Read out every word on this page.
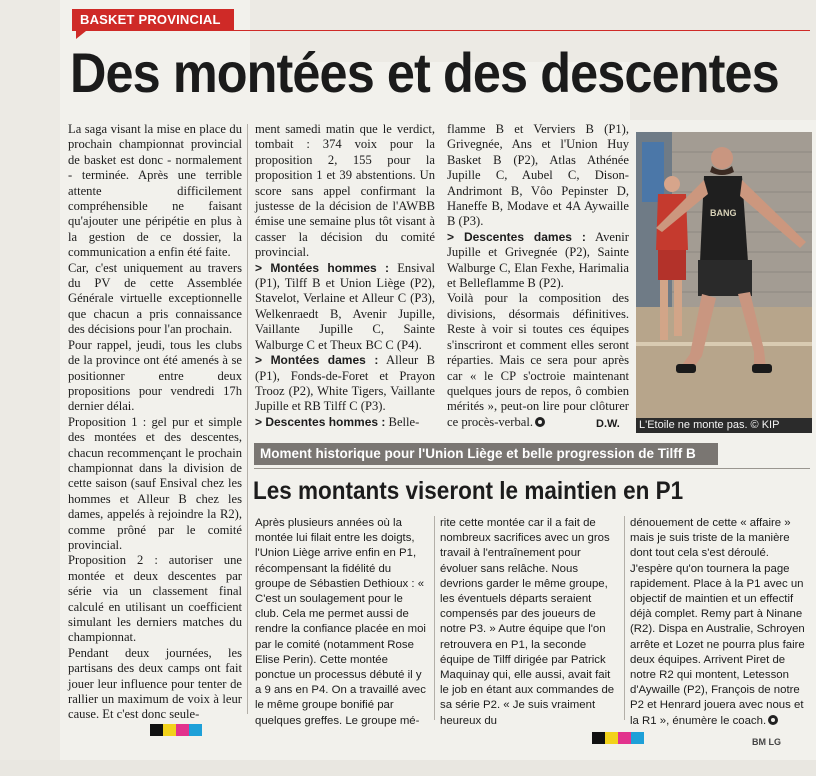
BASKET PROVINCIAL
Des montées et des descentes

La saga visant la mise en place du prochain championnat provincial de basket est donc - normalement - terminée. Après une terrible attente difficilement compréhensible ne faisant qu'ajouter une péripétie en plus à la gestion de ce dossier, la communication a enfin été faite.

Car, c'est uniquement au travers du PV de cette Assemblée Générale virtuelle exceptionnelle que chacun a pris connaissance des décisions pour l'an prochain.

Pour rappel, jeudi, tous les clubs de la province ont été amenés à se positionner entre deux propositions pour vendredi 17h dernier délai.

Proposition 1 : gel pur et simple des montées et des descentes, chacun recommençant le prochain championnat dans la division de cette saison (sauf Ensival chez les hommes et Alleur B chez les dames, appelés à rejoindre la R2), comme prôné par le comité provincial.

Proposition 2 : autoriser une montée et deux descentes par série via un classement final calculé en utilisant un coefficient simulant les derniers matches du championnat.

Pendant deux journées, les partisans des deux camps ont fait jouer leur influence pour tenter de rallier un maximum de voix à leur cause. Et c'est donc seule-

ment samedi matin que le verdict, tombait : 374 voix pour la proposition 2, 155 pour la proposition 1 et 39 abstentions. Un score sans appel confirmant la justesse de la décision de l'AWBB émise une semaine plus tôt visant à casser la décision du comité provincial.

> Montées hommes : Ensival (P1), Tilff B et Union Liège (P2), Stavelot, Verlaine et Alleur C (P3), Welkenraedt B, Avenir Jupille, Vaillante Jupille C, Sainte Walburge C et Theux BC C (P4).

> Montées dames : Alleur B (P1), Fonds-de-Foret et Prayon Trooz (P2), White Tigers, Vaillante Jupille et RB Tilff C (P3).

> Descentes hommes : Belle-

flamme B et Verviers B (P1), Grivegnée, Ans et l'Union Huy Basket B (P2), Atlas Athénée Jupille C, Aubel C, Dison-Andrimont B, Vôo Pepinster D, Haneffe B, Modave et 4A Aywaille B (P3).

> Descentes dames : Avenir Jupille et Grivegnée (P2), Sainte Walburge C, Elan Fexhe, Harimalia et Belleflamme B (P2).

Voilà pour la composition des divisions, désormais définitives. Reste à voir si toutes ces équipes s'inscriront et comment elles seront réparties. Mais ce sera pour après car « le CP s'octroie maintenant quelques jours de repos, ô combien mérités », peut-on lire pour clôturer ce procès-verbal.	D.W.
BANG
L'Etoile ne monte pas. © KIP
Moment historique pour l'Union Liège et belle progression de Tilff B
Les montants viseront le maintien en P1

Après plusieurs années où la montée lui filait entre les doigts, l'Union Liège arrive enfin en P1, récompensant la fidélité du groupe de Sébastien Dethioux : « C'est un soulagement pour le club. Cela me permet aussi de rendre la confiance placée en moi par le comité (notamment Rose Elise Perin). Cette montée ponctue un processus débuté il y a 9 ans en P4. On a travaillé avec le même groupe bonifié par quelques greffes. Le groupe mé-

rite cette montée car il a fait de nombreux sacrifices avec un gros travail à l'entraînement pour évoluer sans relâche. Nous devrions garder le même groupe, les éventuels départs seraient compensés par des joueurs de notre P3. » Autre équipe que l'on retrouvera en P1, la seconde équipe de Tilff dirigée par Patrick Maquinay qui, elle aussi, avait fait le job en étant aux commandes de sa série P2. « Je suis vraiment heureux du

dénouement de cette « affaire » mais je suis triste de la manière dont tout cela s'est déroulé. J'espère qu'on tournera la page rapidement. Place à la P1 avec un objectif de maintien et un effectif déjà complet. Remy part à Ninane (R2). Dispa en Australie, Schroyen arrête et Lozet ne pourra plus faire deux équipes. Arrivent Piret de notre R2 qui montent, Letesson d'Aywaille (P2), François de notre P2 et Henrard jouera avec nous et la R1 », énumère le coach.

BM LG
